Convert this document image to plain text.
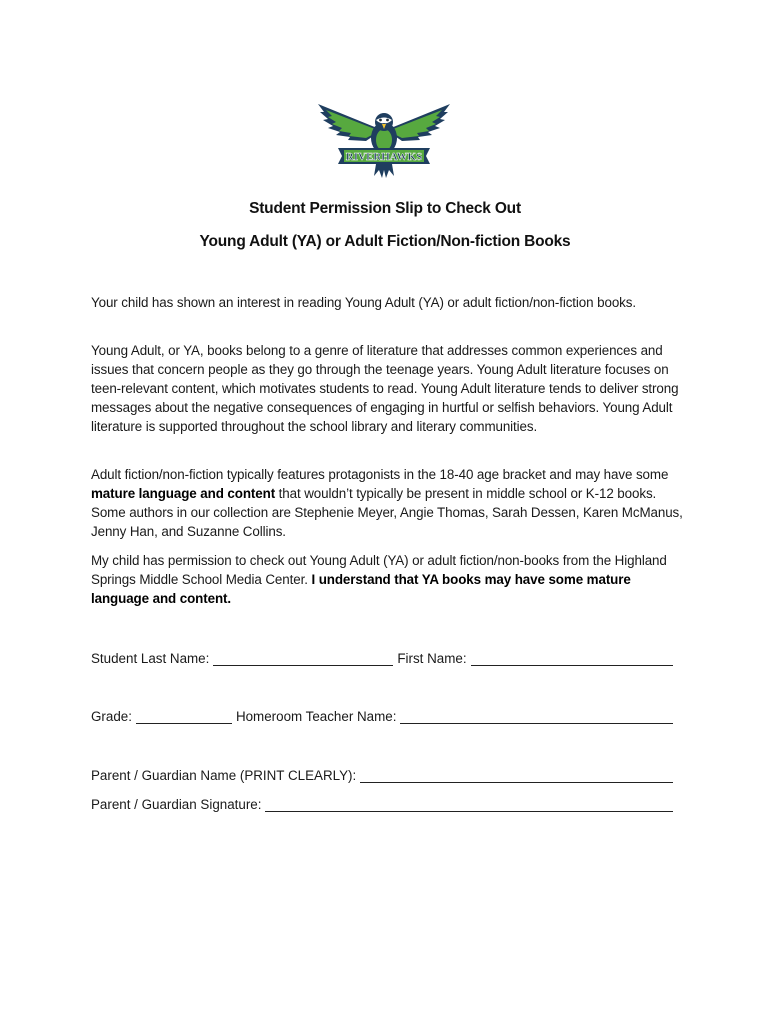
RIVERHAWKS
Student Permission Slip to Check Out
Young Adult (YA) or Adult Fiction/Non-fiction Books
Your child has shown an interest in reading Young Adult (YA) or adult fiction/non-fiction books.
Young Adult, or YA, books belong to a genre of literature that addresses common experiences and issues that concern people as they go through the teenage years. Young Adult literature focuses on teen-relevant content, which motivates students to read. Young Adult literature tends to deliver strong messages about the negative consequences of engaging in hurtful or selfish behaviors. Young Adult literature is supported throughout the school library and literary communities.
Adult fiction/non-fiction typically features protagonists in the 18-40 age bracket and may have some mature language and content that wouldn’t typically be present in middle school or K-12 books. Some authors in our collection are Stephenie Meyer, Angie Thomas, Sarah Dessen, Karen McManus, Jenny Han, and Suzanne Collins.
My child has permission to check out Young Adult (YA) or adult fiction/non-books from the Highland Springs Middle School Media Center. I understand that YA books may have some mature language and content.
Student Last Name:	First Name:
Grade:	Homeroom Teacher Name:
Parent / Guardian Name (PRINT CLEARLY):
Parent / Guardian Signature:
